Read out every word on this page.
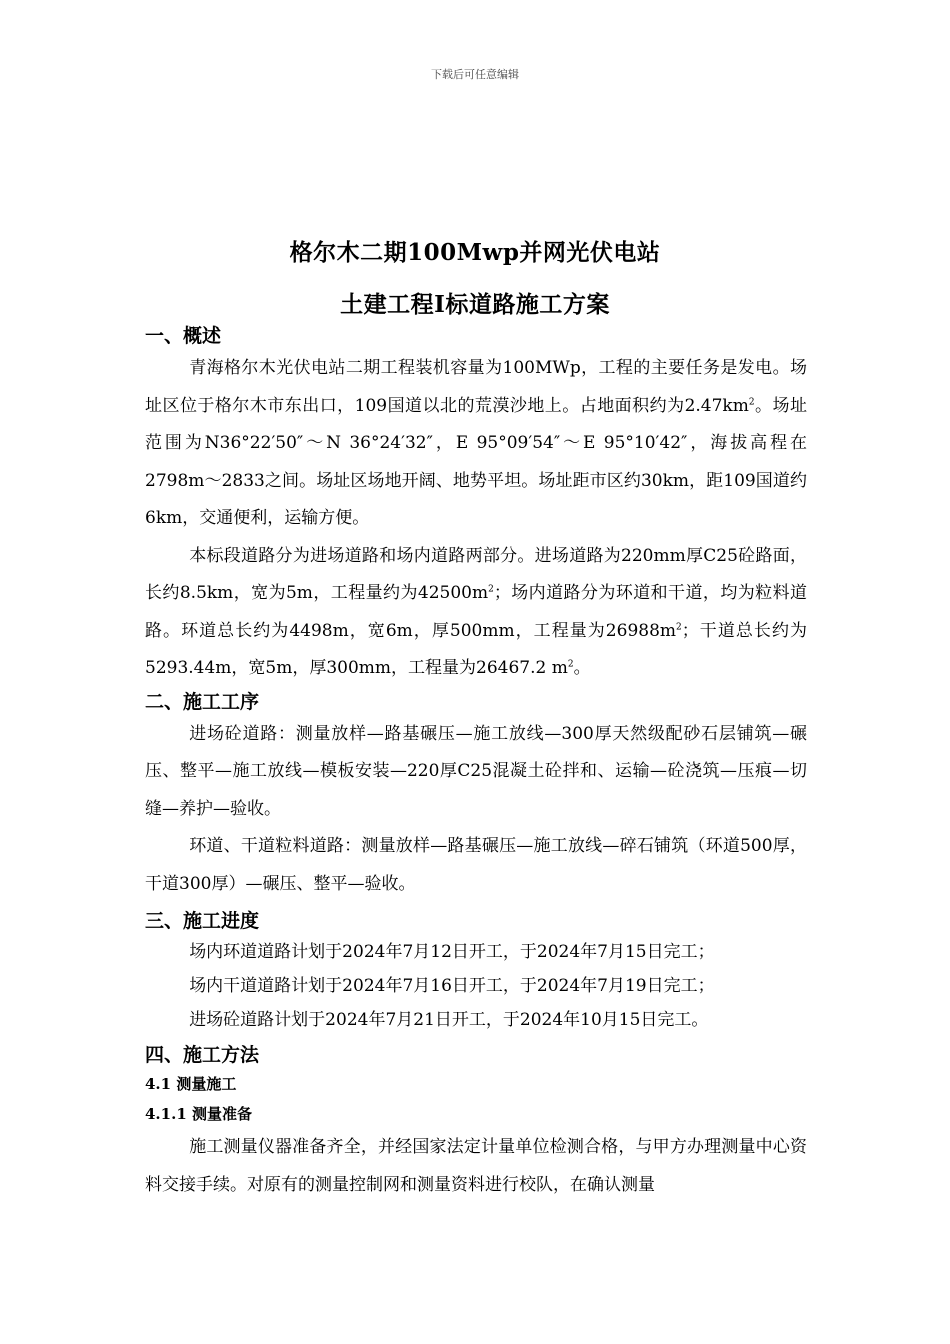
下载后可任意编辑
格尔木二期100Mwp并网光伏电站
土建工程Ⅰ标道路施工方案
一、概述

青海格尔木光伏电站二期工程装机容量为100MWp，工程的主要任务是发电。场址区位于格尔木市东出口，109国道以北的荒漠沙地上。占地面积约为$2.47km^2$。场址范围为N36°22′50″～N 36°24′32″，E 95°09′54″～E 95°10′42″，海拔高程在2798m～2833之间。场址区场地开阔、地势平坦。场址距市区约30km，距109国道约6km，交通便利，运输方便。

本标段道路分为进场道路和场内道路两部分。进场道路为220mm厚C25砼路面，长约8.5km，宽为5m，工程量约为$42500m^2$；场内道路分为环道和干道，均为粒料道路。环道总长约为4498m，宽6m，厚500mm，工程量为$26988m^2$；干道总长约为5293.44m，宽5m，厚300mm，工程量为26467.2 $m^2$。

二、施工工序

进场砼道路：测量放样—路基碾压—施工放线—300厚天然级配砂石层铺筑—碾压、整平—施工放线—模板安装—220厚C25混凝土砼拌和、运输—砼浇筑—压痕—切缝—养护—验收。

环道、干道粒料道路：测量放样—路基碾压—施工放线—碎石铺筑（环道500厚，干道300厚）—碾压、整平—验收。

三、施工进度

场内环道道路计划于2024年7月12日开工，于2024年7月15日完工；

场内干道道路计划于2024年7月16日开工，于2024年7月19日完工；

进场砼道路计划于2024年7月21日开工，于2024年10月15日完工。

四、施工方法
4.1 测量施工
4.1.1 测量准备

施工测量仪器准备齐全，并经国家法定计量单位检测合格，与甲方办理测量中心资料交接手续。对原有的测量控制网和测量资料进行校队，在确认测量
